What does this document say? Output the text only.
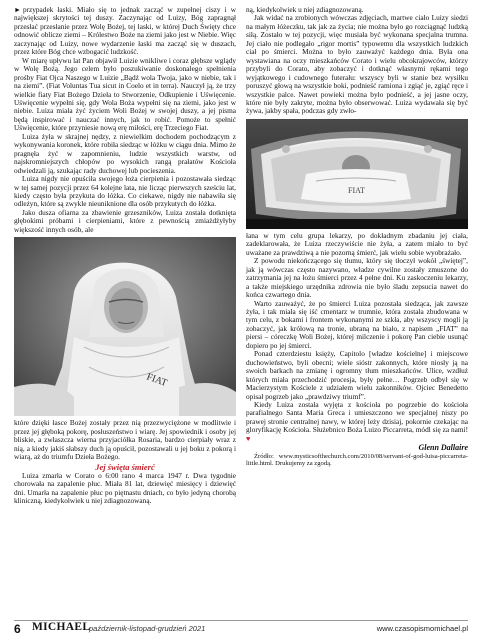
► przypadek łaski. Miało się to jednak zacząć w zupełnej ciszy i w największej skrytości tej duszy. Zaczynając od Luizy, Bóg zapragnął przesłać przesłanie przez Wolę Bożej, tej łaski, w której Duch Święty chce odnowić oblicze ziemi – Królestwo Boże na ziemi jako jest w Niebie. Więc zaczynając od Luizy, nowe wydarzenie łaski ma zacząć się w duszach, przez które Bóg chce wzbogacić ludzkość.

W miarę upływu lat Pan objawił Luizie wnikliwe i coraz głębsze wglądy w Wolę Bożą. Jego celem było poszukiwanie doskonałego spełnienia prośby Fiat Ojca Naszego w Luizie „Bądź wola Twoja, jako w niebie, tak i na ziemi”. (Fiat Voluntas Tua sicut in Coelo et in terra). Nauczył ją, że trzy wielkie fiaty Fiat Bożego Dzieła to Stworzenie, Odkupienie i Uświęcenie. Uświęcenie wypełni się, gdy Wola Boża wypełni się na ziemi, jako jest w niebie. Luiza miała żyć życiem Woli Bożej w swojej duszy, a jej pisma będą inspirować i nauczać innych, jak to robić. Pomoże to spełnić Uświęcenie, które przyniesie nową erę miłości, erę Trzeciego Fiat.

Luiza żyła w skrajnej nędzy, z niewielkim dochodem pochodzącym z wykonywania koronek, które robiła siedząc w łóżku w ciągu dnia. Mimo że pragnęła żyć w zapomnieniu, ludzie wszystkich warstw, od najskromniejszych chłopów po wysokich rangą prałatów Kościoła odwiedzali ją, szukając rady duchowej lub pocieszenia.

Luiza nigdy nie opuściła swojego łoża cierpienia i pozostawała siedząc w tej samej pozycji przez 64 kolejne lata, nie licząc pierwszych sześciu lat, kiedy często była przykuta do łóżka. Co ciekawe, nigdy nie nabawiła się odleżyn, które są zwykle nieuniknione dla osób przykutych do łóżka.

Jako dusza ofiarna za zbawienie grzeszników, Luiza została dotknięta głębokimi próbami i cierpieniami, które z pewnością zmiażdżyłyby większość innych osób, ale

FIAT

które dzięki łasce Bożej zostały przez nią przezwyciężone w modlitwie i przez jej głęboką pokorę, posłuszeństwo i wiarę. Jej spowiednik i osoby jej bliskie, a zwłaszcza wierna przyjaciółka Rosaria, bardzo cierpiały wraz z nią, a kiedy jakiś słabszy duch ją opuścił, pozostawali u jej boku z pokorą i wiarą, aż do triumfu Dzieła Bożego.

Jej święta śmierć

Luiza zmarła w Corato o 6:00 rano 4 marca 1947 r. Dwa tygodnie chorowała na zapalenie płuc. Miała 81 lat, dziewięć miesięcy i dziewięć dni. Umarła na zapalenie płuc po piętnastu dniach, co było jedyną chorobą kliniczną, kiedykolwiek u niej zdiagnozowaną.

ną, kiedykolwiek u niej zdiagnozowaną.

Jak widać na zrobionych wówczas zdjęciach, martwe ciało Luizy siedzi na małym łóżeczku, tak jak za życia; nie można było go rozciągnąć ludzką siłą. Zostało w tej pozycji, więc musiała być wykonana specjalna trumna. Jej ciało nie podlegało „rigor mortis” typowemu dla wszystkich ludzkich ciał po śmierci. Można to było zauważyć każdego dnia. Była ona wystawiana na oczy mieszkańców Corato i wielu obcokrajowców, którzy przybyli do Corato, aby zobaczyć i dotknąć własnymi rękami tego wyjątkowego i cudownego futerału: wszyscy byli w stanie bez wysiłku poruszyć głową na wszystkie boki, podnieść ramiona i zgiąć je, zgiąć ręce i wszystkie palce. Nawet powieki można było podnieść, a jej jasne oczy, które nie były zakryte, można było obserwować. Luiza wydawała się być żywa, jakby spała, podczas gdy zwło-

FIAT

łana w tym celu grupa lekarzy, po dokładnym zbadaniu jej ciała, zadeklarowała, że Luiza rzeczywiście nie żyła, a zatem miało to być uważane za prawdziwą a nie pozorną śmierć, jak wielu sobie wyobrażało.

Z powodu niekończącego się tłumu, który się tłoczył wokół „świętej”, jak ją wówczas często nazywano, władze cywilne zostały zmuszone do zatrzymania jej na łożu śmierci przez 4 pełne dni. Ku zaskoczeniu lekarzy, a także miejskiego urzędnika zdrowia nie było śladu zepsucia nawet do końca czwartego dnia.

Warto zauważyć, że po śmierci Luiza pozostała siedząca, jak zawsze żyła, i tak miała się iść cmentarz w trumnie, która została zbudowana w tym celu, z bokami i frontem wykonanymi ze szkła, aby wszyscy mogli ją zobaczyć, jak królową na tronie, ubraną na biało, z napisem „FIAT” na piersi – córeczkę Woli Bożej, której milczenie i pokorę Pan ciebie usunąć dopiero po jej śmierci.

Ponad czterdziestu księży, Capitolo [władze kościelne] i miejscowe duchowieństwo, byli obecni; wiele sióstr zakonnych, które niosły ją na swoich barkach na zmianę i ogromny tłum mieszkańców. Ulice, wzdłuż których miała przechodzić procesja, były pełne… Pogrzeb odbył się w Macierzystym Kościele z udziałem wielu zakonników. Ojciec Benedetto opisał pogrzeb jako „prawdziwy triumf”.

Kiedy Luiza została wyjęta z kościoła po pogrzebie do kościoła parafialnego Santa Maria Greca i umieszczono we specjalnej niszy po prawej stronie centralnej nawy, w której leży dzisiaj, pokornie czekając na gloryfikację Kościoła. Służebnico Boża Luizo Piccarreta, módl się za nami! ♥

Glenn Dallaire

Źródło: www.mysticsofthechurch.com/2010/08/servant-of-god-luisa-piccarreta-little.html. Drukujemy za zgodą.

6 MICHAEL
październik-listopad-grudzień 2021	www.czasopismomichael.pl
